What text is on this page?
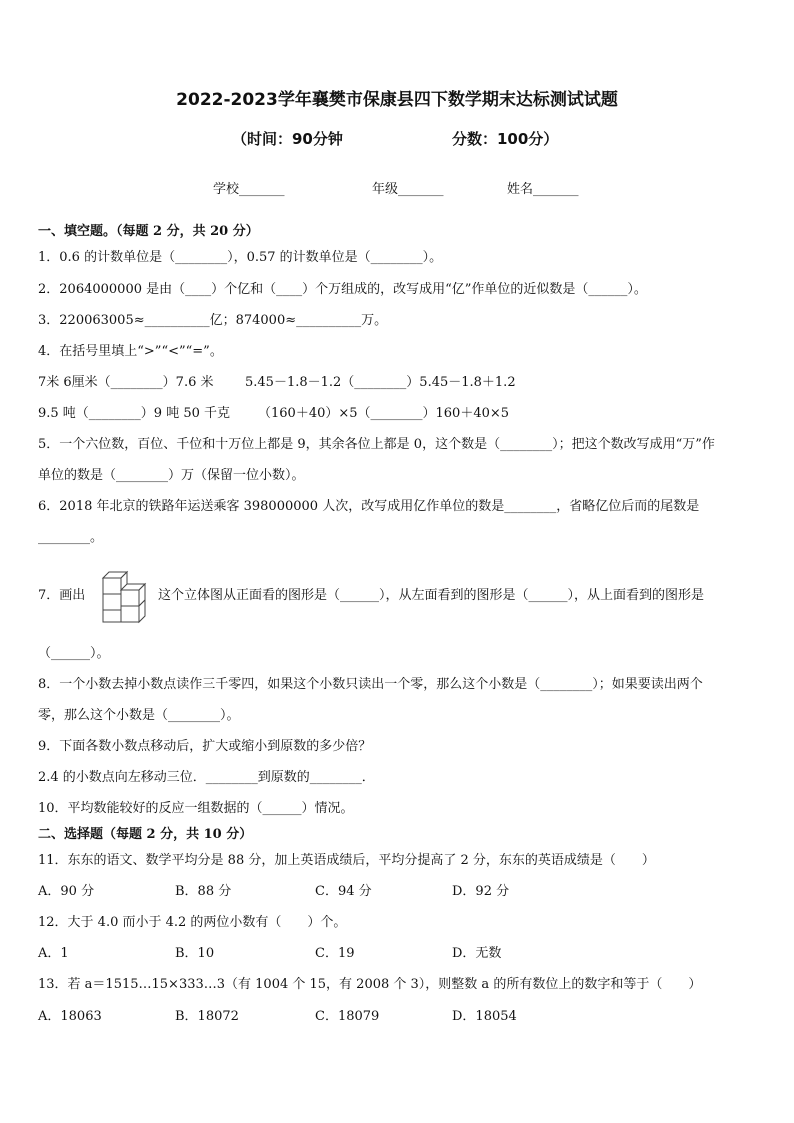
2022-2023学年襄樊市保康县四下数学期末达标测试试题
（时间：90分钟	分数：100分）
学校_______	年级_______	姓名_______
一、填空题。（每题 2 分，共 20 分）
1．0.6 的计数单位是（________），0.57 的计数单位是（________）。
2．2064000000 是由（____）个亿和（____）个万组成的，改写成用“亿”作单位的近似数是（______）。
3．220063005≈__________亿；874000≈__________万。
4．在括号里填上“>”“<”“=”。
7米 6厘米（________）7.6 米 5.45－1.8－1.2（________）5.45－1.8＋1.2
9.5 吨（________）9 吨 50 千克 （160＋40）×5（________）160＋40×5
5．一个六位数，百位、千位和十万位上都是 9，其余各位上都是 0，这个数是（________）；把这个数改写成用“万”作
单位的数是（________）万（保留一位小数）。
6．2018 年北京的铁路年运送乘客 398000000 人次，改写成用亿作单位的数是________，省略亿位后而的尾数是
________。
7．画出	这个立体图从正面看的图形是（______），从左面看到的图形是（______），从上面看到的图形是
（______）。
8．一个小数去掉小数点读作三千零四，如果这个小数只读出一个零，那么这个小数是（________）；如果要读出两个
零，那么这个小数是（________）。
9．下面各数小数点移动后，扩大或缩小到原数的多少倍？
2.4 的小数点向左移动三位．________到原数的________．
10．平均数能较好的反应一组数据的（______）情况。
二、选择题（每题 2 分，共 10 分）
11．东东的语文、数学平均分是 88 分，加上英语成绩后，平均分提高了 2 分，东东的英语成绩是（　　）
A．90 分	B．88 分	C．94 分	D．92 分
12．大于 4.0 而小于 4.2 的两位小数有（　　）个。
A．1	B．10	C．19	D．无数
13．若 a＝1515…15×333…3（有 1004 个 15，有 2008 个 3），则整数 a 的所有数位上的数字和等于（　　）
A．18063	B．18072	C．18079	D．18054
